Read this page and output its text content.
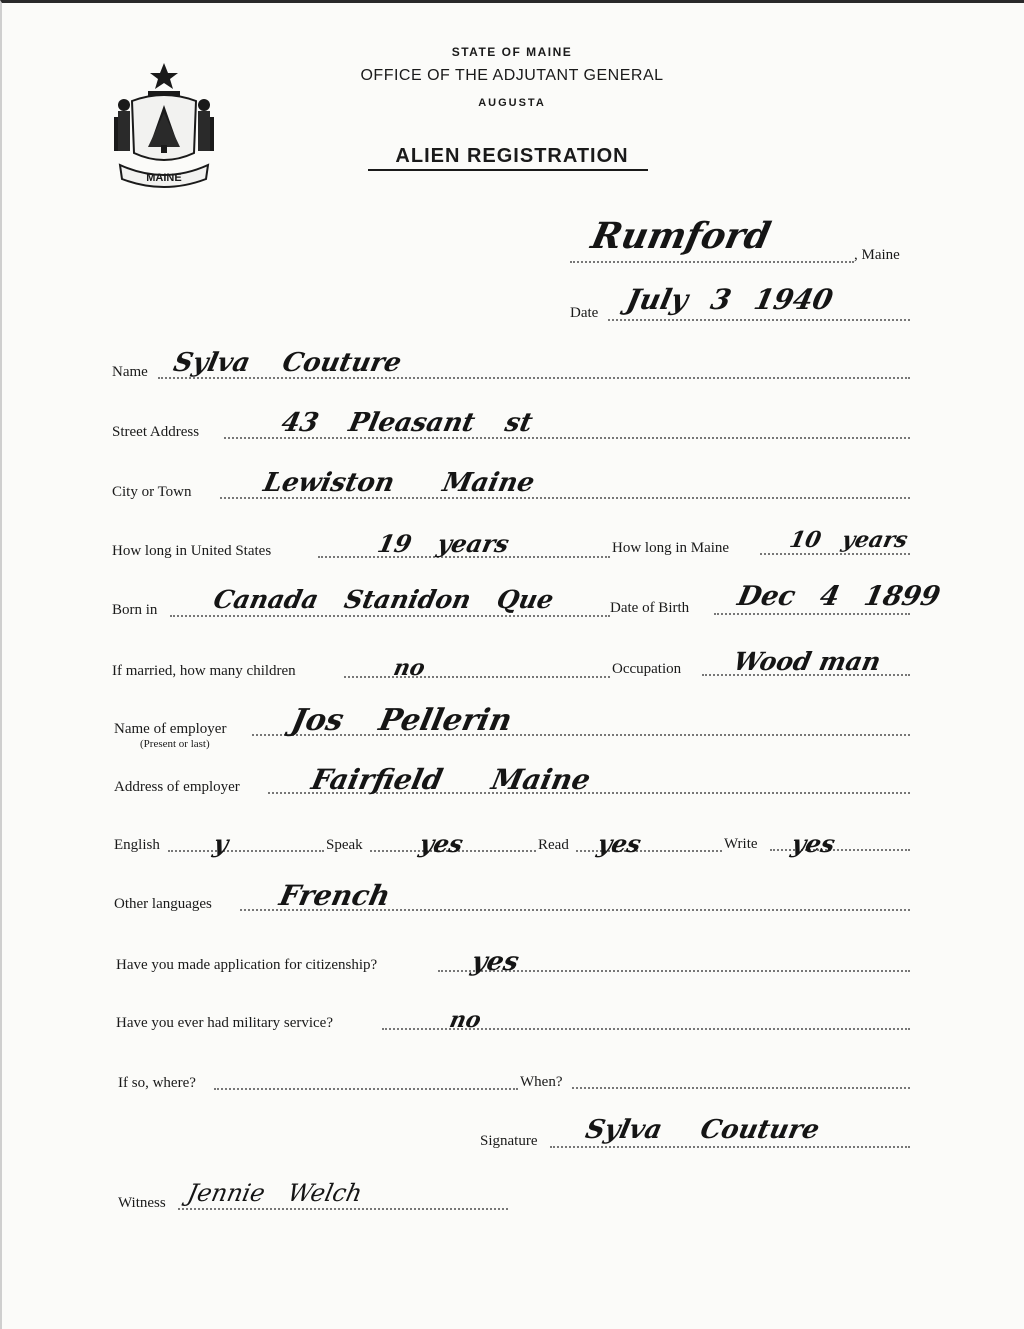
MAINE
STATE OF MAINE
OFFICE OF THE ADJUTANT GENERAL
AUGUSTA
ALIEN REGISTRATION
Rumford	, Maine
Date July 3 1940
Name Sylva Couture
Street Address	43 Pleasant st
City or Town	Lewiston Maine
How long in United States	19 years	How long in Maine	10 years
Born in Canada Stanidon Que	Date of Birth Dec 4 1899
If married, how many children	no	Occupation Wood man
Name of employer
(Present or last)
Jos Pellerin
Address of employer Fairfield Maine
English y	Speak yes	Read yes	Write yes
Other languages French
Have you made application for citizenship?	yes
Have you ever had military service?	no
If so, where?	When?
Signature Sylva Couture
Witness Jennie Welch
